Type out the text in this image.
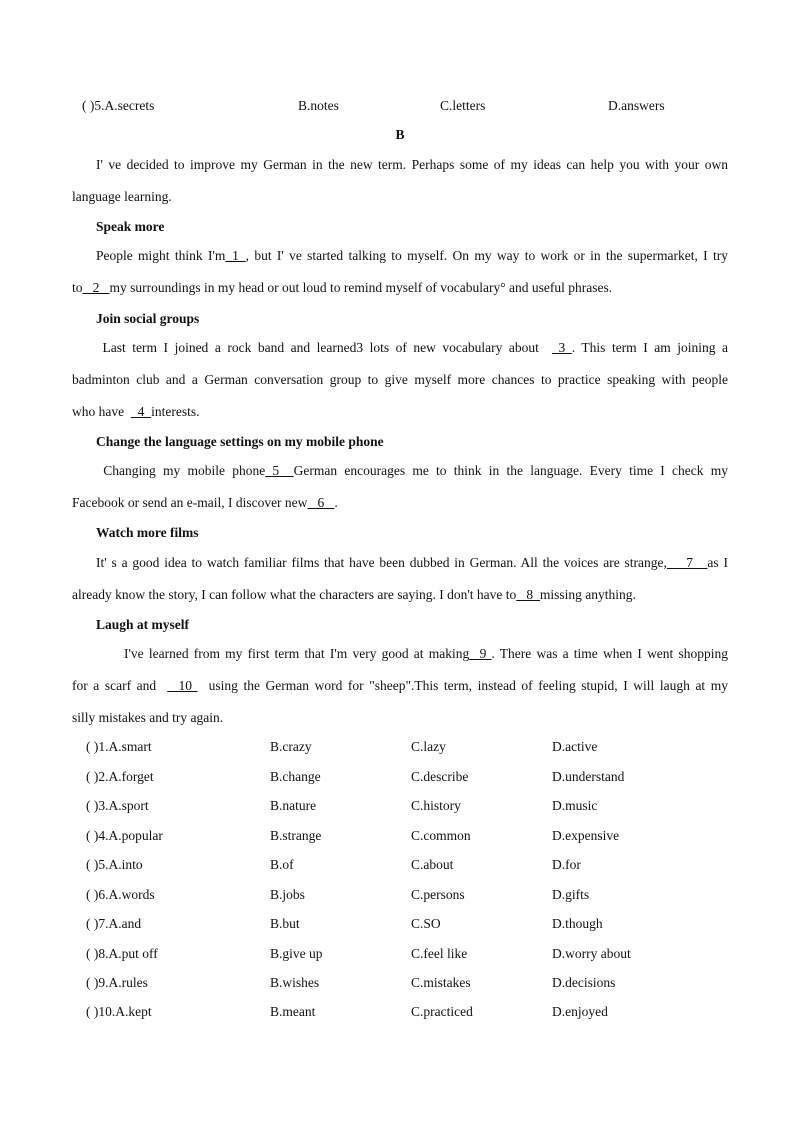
( )5.A.secrets	B.notes	C.letters	D.answers
B
I' ve decided to improve my German in the new term. Perhaps some of my ideas can help you with your own
language learning.
Speak more
People might think I'm_1_, but I' ve started talking to myself. On my way to work or in the supermarket, I try
to   2   my surroundings in my head or out loud to remind myself of vocabulary° and useful phrases.
Join social groups
Last term I joined a rock band and learned3 lots of new vocabulary about   3 . This term I am joining a
badminton club and a German conversation group to give myself more chances to practice speaking with people
who have    4  interests.
Change the language settings on my mobile phone
Changing my mobile phone 5  German encourages me to think in the language. Every time I check my
Facebook or send an e-mail, I discover new   6   .
Watch more films
It' s a good idea to watch familiar films that have been dubbed in German. All the voices are strange,    7   as I
already know the story, I can follow what the characters are saying. I don't have to   8  missing anything.
Laugh at myself
I've learned from my first term that I'm very good at making  9 . There was a time when I went shopping
for a scarf and    10   using the German word for "sheep".This term, instead of feeling stupid, I will laugh at my
silly mistakes and try again.
( )1.A.smart	B.crazy	C.lazy	D.active
( )2.A.forget	B.change	C.describe	D.understand
( )3.A.sport	B.nature	C.history	D.music
( )4.A.popular	B.strange	C.common	D.expensive
( )5.A.into	B.of	C.about	D.for
( )6.A.words	B.jobs	C.persons	D.gifts
( )7.A.and	B.but	C.SO	D.though
( )8.A.put off	B.give up	C.feel like	D.worry about
( )9.A.rules	B.wishes	C.mistakes	D.decisions
( )10.A.kept	B.meant	C.practiced	D.enjoyed
